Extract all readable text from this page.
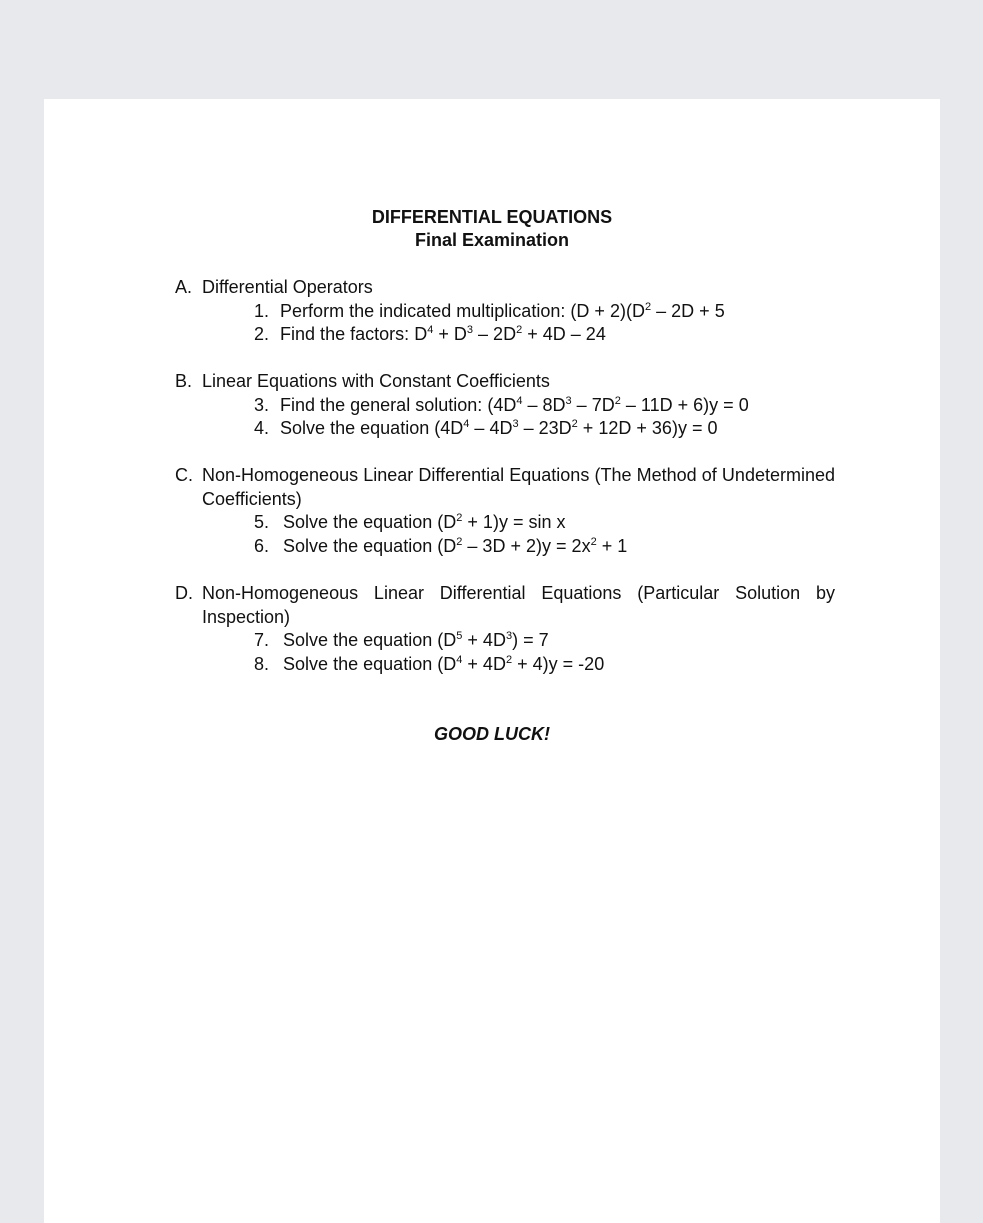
DIFFERENTIAL EQUATIONS
Final Examination
A. Differential Operators
1. Perform the indicated multiplication: $(D + 2)(D^2 - 2D + 5$
2. Find the factors: $D^4 + D^3 - 2D^2 + 4D - 24$
B. Linear Equations with Constant Coefficients
3. Find the general solution: $(4D^4 - 8D^3 - 7D^2 - 11D + 6)y = 0$
4. Solve the equation $(4D^4 - 4D^3 - 23D^2 + 12D + 36)y = 0$
C. Non-Homogeneous Linear Differential Equations (The Method of Undetermined Coefficients)
5. Solve the equation $(D^2 + 1)y = \sin x$
6. Solve the equation $(D^2 - 3D + 2)y = 2x^2 + 1$
D. Non-Homogeneous Linear Differential Equations (Particular Solution by Inspection)
7. Solve the equation $(D^5 + 4D^3) = 7$
8. Solve the equation $(D^4 + 4D^2 + 4)y = -20$
GOOD LUCK!
